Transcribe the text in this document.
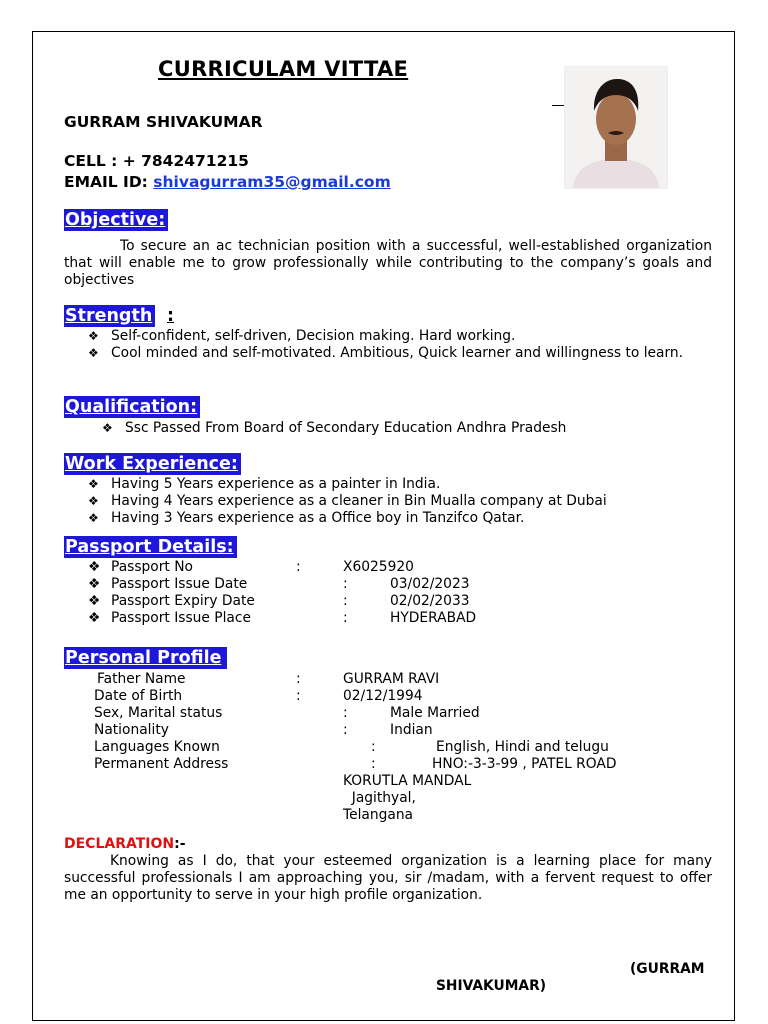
CURRICULAM VITTAE
GURRAM SHIVAKUMAR
CELL : + 7842471215
EMAIL ID: shivagurram35@gmail.com
Objective:
To secure an ac technician position with a successful, well-established organization that will enable me to grow professionally while contributing to the company’s goals and objectives
Strength :
❖ Self-confident, self-driven, Decision making. Hard working.
❖ Cool minded and self-motivated. Ambitious, Quick learner and willingness to learn.
Qualification:
❖ Ssc Passed From Board of Secondary Education Andhra Pradesh
Work Experience:
❖ Having 5 Years experience as a painter in India.
❖ Having 4 Years experience as a cleaner in Bin Mualla company at Dubai
❖ Having 3 Years experience as a Office boy in Tanzifco Qatar.
Passport Details:
❖ Passport No	:	X6025920
❖ Passport Issue Date	:	03/02/2023
❖ Passport Expiry Date	:	02/02/2033
❖ Passport Issue Place	:	HYDERABAD
Personal Profile
Father Name	:	GURRAM RAVI
Date of Birth	:	02/12/1994
Sex, Marital status	:	Male Married
Nationality	:	Indian
Languages Known	:	English, Hindi and telugu
Permanent Address	:	HNO:-3-3-99 , PATEL ROAD
KORUTLA MANDAL
Jagithyal,
Telangana
DECLARATION:-
Knowing as I do, that your esteemed organization is a learning place for many successful professionals I am approaching you, sir /madam, with a fervent request to offer me an opportunity to serve in your high profile organization.
(GURRAM
SHIVAKUMAR)
